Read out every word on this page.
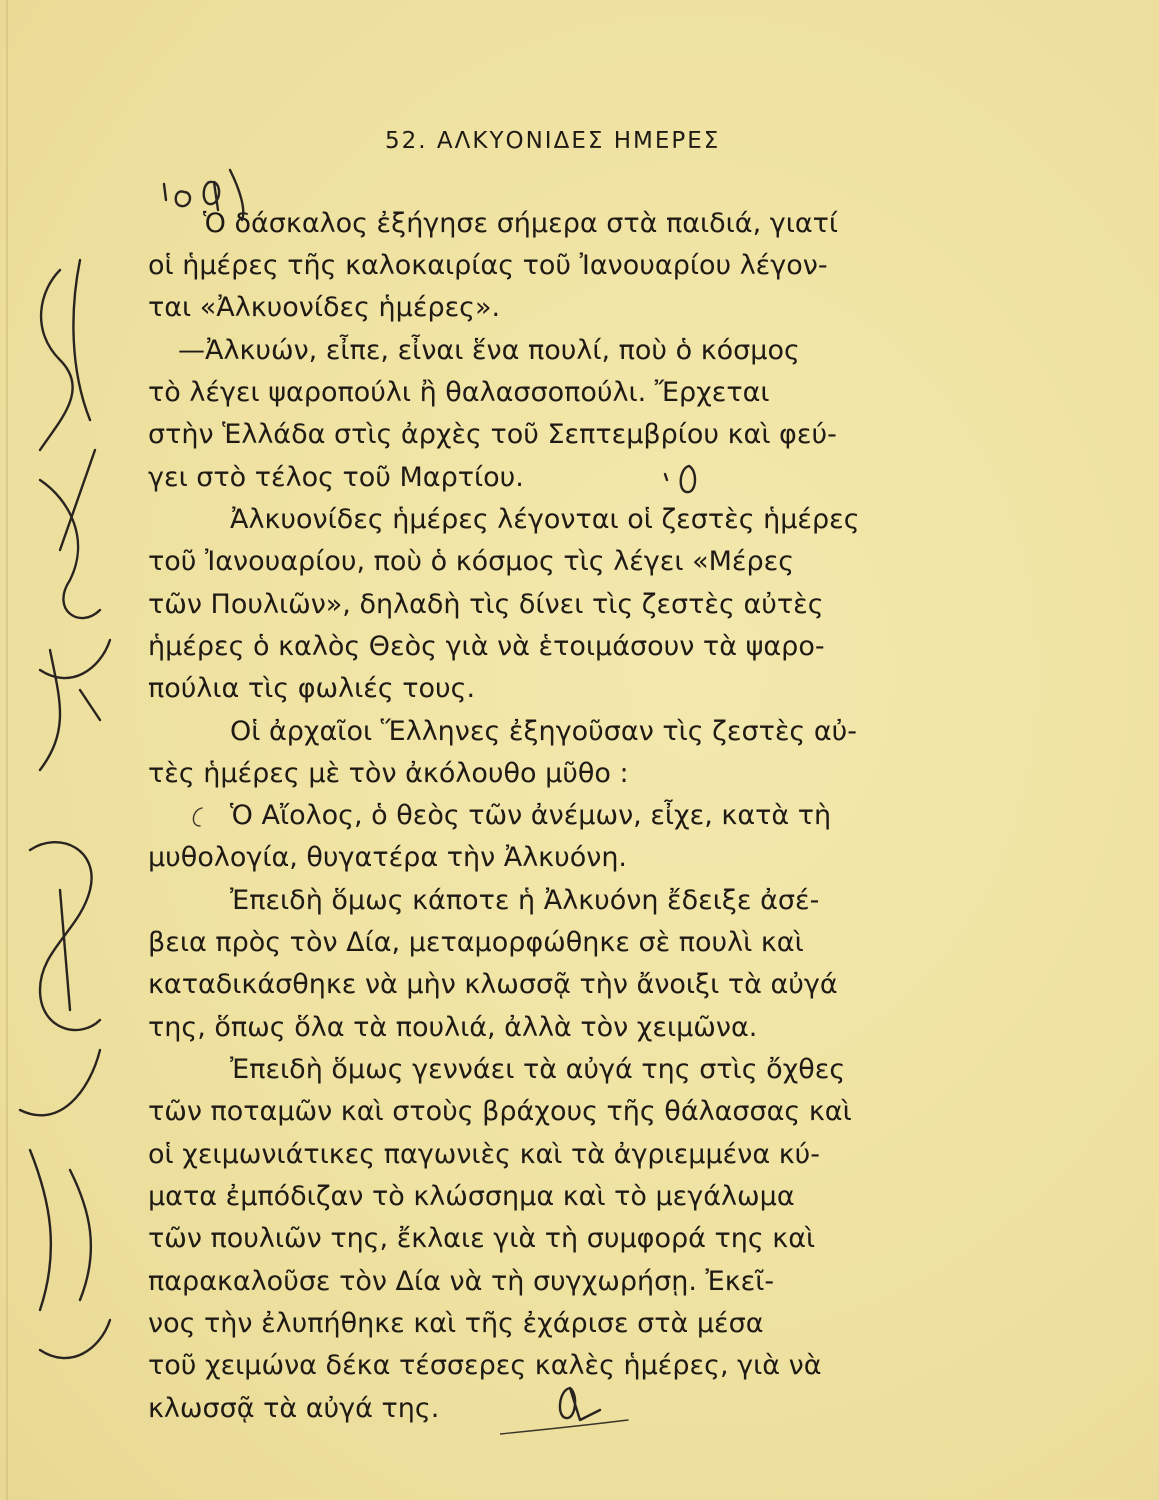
52. ΑΛΚΥΟΝΙΔΕΣ ΗΜΕΡΕΣ
Ὁ δάσκαλος ἐξήγησε σήμερα στὰ παιδιά, γιατί
οἱ ἡμέρες τῆς καλοκαιρίας τοῦ Ἰανουαρίου λέγον-
ται «Ἀλκυονίδες ἡμέρες».
—Ἀλκυών, εἶπε, εἶναι ἕνα πουλί, ποὺ ὁ κόσμος
τὸ λέγει ψαροπούλι ἢ θαλασσοπούλι. Ἔρχεται
στὴν Ἑλλάδα στὶς ἀρχὲς τοῦ Σεπτεμβρίου καὶ φεύ-
γει στὸ τέλος τοῦ Μαρτίου.
Ἀλκυονίδες ἡμέρες λέγονται οἱ ζεστὲς ἡμέρες
τοῦ Ἰανουαρίου, ποὺ ὁ κόσμος τὶς λέγει «Μέρες
τῶν Πουλιῶν», δηλαδὴ τὶς δίνει τὶς ζεστὲς αὐτὲς
ἡμέρες ὁ καλὸς Θεὸς γιὰ νὰ ἑτοιμάσουν τὰ ψαρο-
πούλια τὶς φωλιές τους.
Οἱ ἀρχαῖοι Ἕλληνες ἐξηγοῦσαν τὶς ζεστὲς αὐ-
τὲς ἡμέρες μὲ τὸν ἀκόλουθο μῦθο :
Ὁ Αἴολος, ὁ θεὸς τῶν ἀνέμων, εἶχε, κατὰ τὴ
μυθολογία, θυγατέρα τὴν Ἀλκυόνη.
Ἐπειδὴ ὅμως κάποτε ἡ Ἀλκυόνη ἔδειξε ἀσέ-
βεια πρὸς τὸν Δία, μεταμορφώθηκε σὲ πουλὶ καὶ
καταδικάσθηκε νὰ μὴν κλωσσᾷ τὴν ἄνοιξι τὰ αὐγά
της, ὅπως ὅλα τὰ πουλιά, ἀλλὰ τὸν χειμῶνα.
Ἐπειδὴ ὅμως γεννάει τὰ αὐγά της στὶς ὄχθες
τῶν ποταμῶν καὶ στοὺς βράχους τῆς θάλασσας καὶ
οἱ χειμωνιάτικες παγωνιὲς καὶ τὰ ἀγριεμμένα κύ-
ματα ἐμπόδιζαν τὸ κλώσσημα καὶ τὸ μεγάλωμα
τῶν πουλιῶν της, ἔκλαιε γιὰ τὴ συμφορά της καὶ
παρακαλοῦσε τὸν Δία νὰ τὴ συγχωρήσῃ. Ἐκεῖ-
νος τὴν ἐλυπήθηκε καὶ τῆς ἐχάρισε στὰ μέσα
τοῦ χειμώνα δέκα τέσσερες καλὲς ἡμέρες, γιὰ νὰ
κλωσσᾷ τὰ αὐγά της.
